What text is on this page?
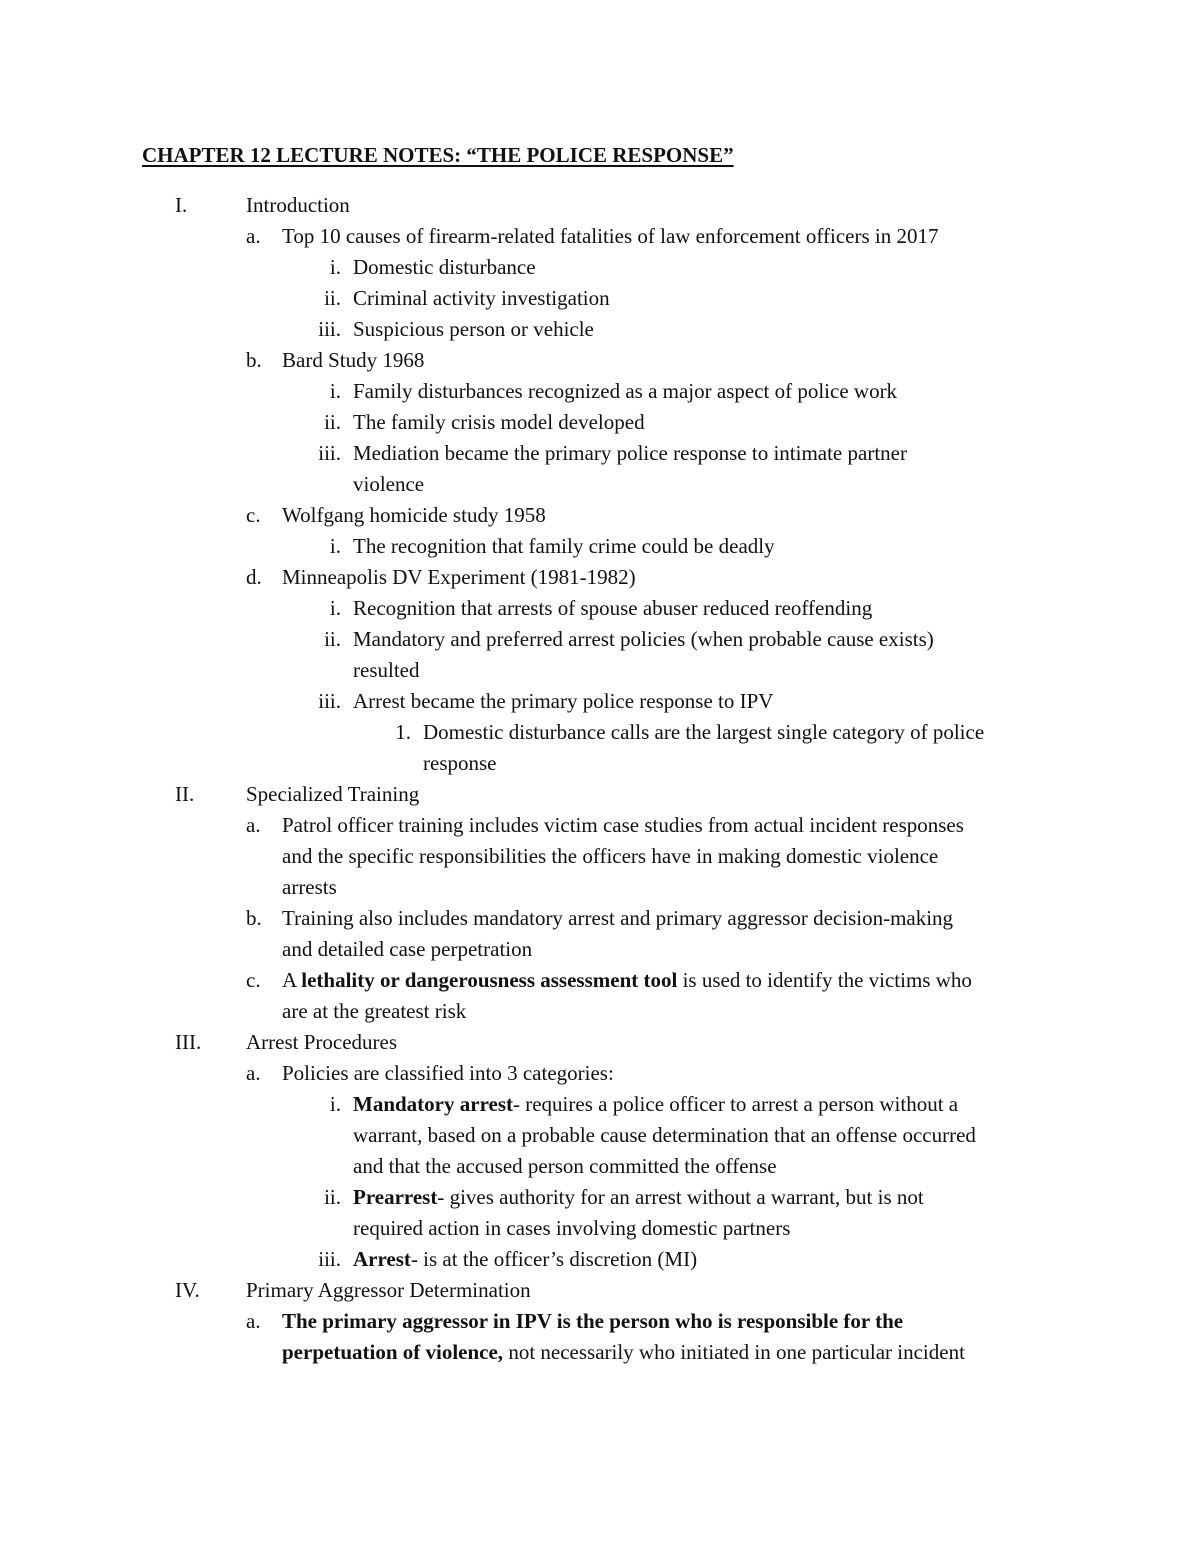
CHAPTER 12 LECTURE NOTES: “THE POLICE RESPONSE”
I.	Introduction
a. Top 10 causes of firearm-related fatalities of law enforcement officers in 2017
i. Domestic disturbance
ii. Criminal activity investigation
iii. Suspicious person or vehicle
b. Bard Study 1968
i. Family disturbances recognized as a major aspect of police work
ii. The family crisis model developed
iii. Mediation became the primary police response to intimate partner
violence
c. Wolfgang homicide study 1958
i. The recognition that family crime could be deadly
d. Minneapolis DV Experiment (1981-1982)
i. Recognition that arrests of spouse abuser reduced reoffending
ii. Mandatory and preferred arrest policies (when probable cause exists)
resulted
iii. Arrest became the primary police response to IPV
1. Domestic disturbance calls are the largest single category of police
response
II. Specialized Training
a. Patrol officer training includes victim case studies from actual incident responses
and the specific responsibilities the officers have in making domestic violence
arrests
b. Training also includes mandatory arrest and primary aggressor decision-making
and detailed case perpetration
c. A lethality or dangerousness assessment tool is used to identify the victims who
are at the greatest risk
III. Arrest Procedures
a. Policies are classified into 3 categories:
i. Mandatory arrest- requires a police officer to arrest a person without a
warrant, based on a probable cause determination that an offense occurred
and that the accused person committed the offense
ii. Prearrest- gives authority for an arrest without a warrant, but is not
required action in cases involving domestic partners
iii. Arrest- is at the officer’s discretion (MI)
IV. Primary Aggressor Determination
a. The primary aggressor in IPV is the person who is responsible for the
perpetuation of violence, not necessarily who initiated in one particular incident
